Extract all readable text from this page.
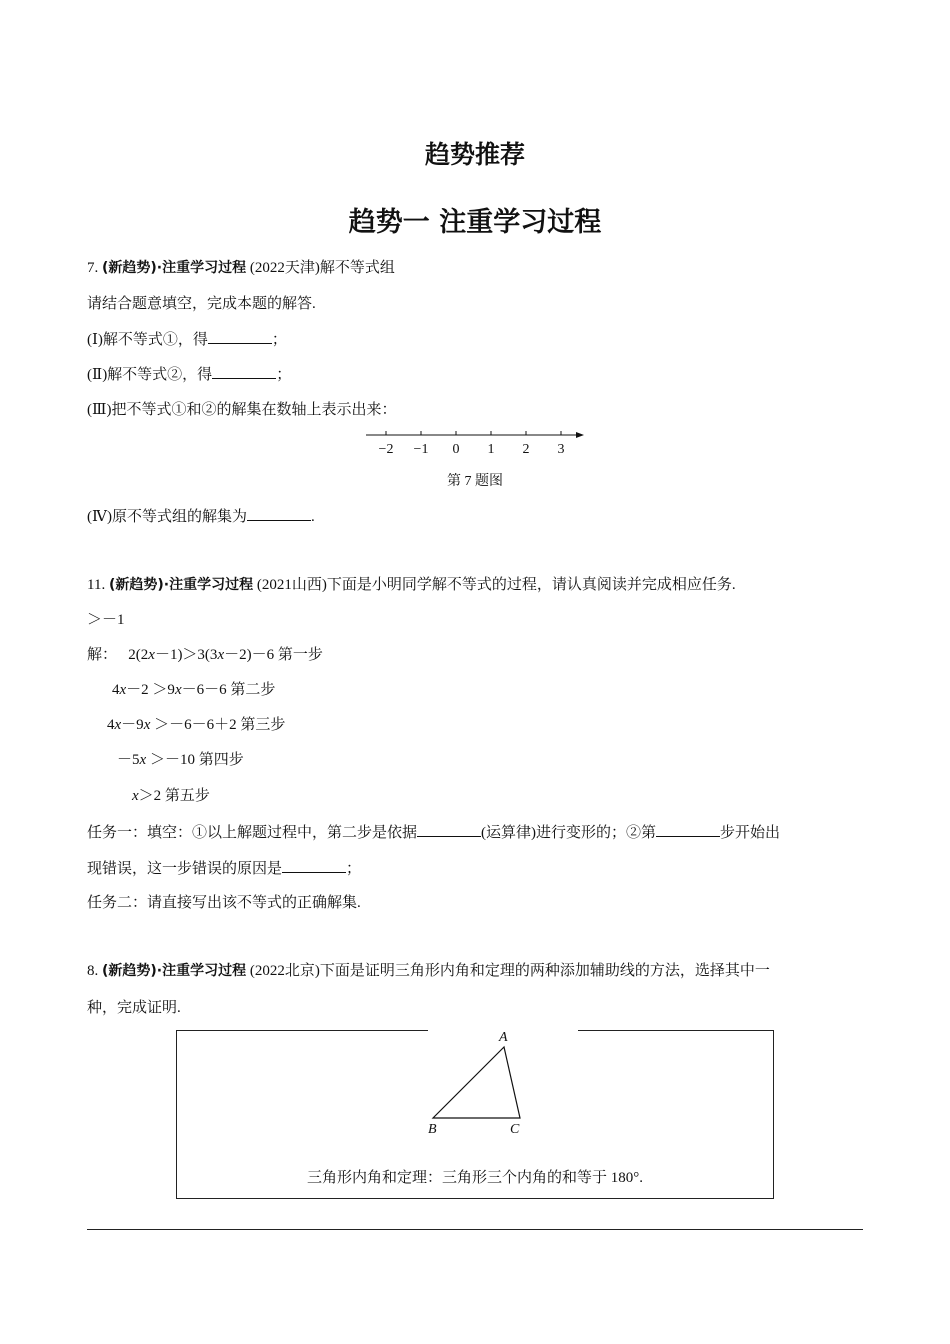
趋势推荐
趋势一 注重学习过程
7. (新趋势)·注重学习过程 (2022天津)解不等式组
请结合题意填空，完成本题的解答.
(Ⅰ)解不等式①，得	；
(Ⅱ)解不等式②，得	；
(Ⅲ)把不等式①和②的解集在数轴上表示出来：
−2 −1 0 1 2 3
第 7 题图
(Ⅳ)原不等式组的解集为	.
11. (新趋势)·注重学习过程 (2021山西)下面是小明同学解不等式的过程，请认真阅读并完成相应任务.
＞－1
解： 2(2x－1)＞3(3x－2)－6 第一步
4x－2 ＞9x－6－6 第二步
4x－9x ＞－6－6＋2 第三步
－5x ＞－10 第四步
x＞2 第五步
任务一：填空：①以上解题过程中，第二步是依据	(运算律)进行变形的；②第	步开始出
现错误，这一步错误的原因是	；
任务二：请直接写出该不等式的正确解集.
8. (新趋势)·注重学习过程 (2022北京)下面是证明三角形内角和定理的两种添加辅助线的方法，选择其中一
种，完成证明.
A
B	C
三角形内角和定理：三角形三个内角的和等于 180°.
